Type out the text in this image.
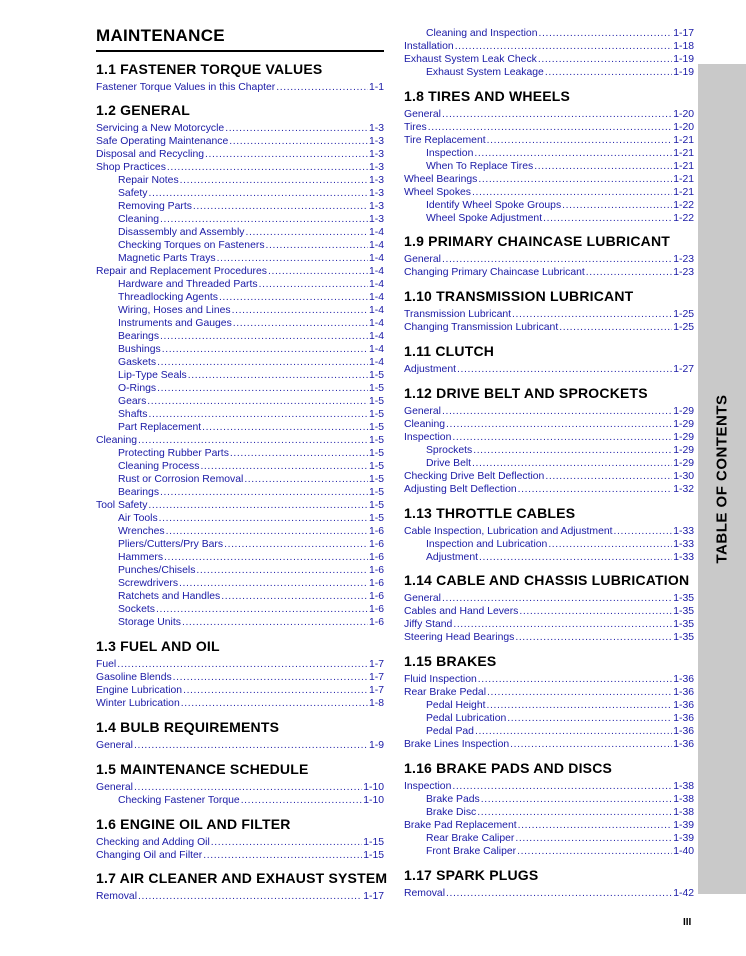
MAINTENANCE
1.1 FASTENER TORQUE VALUES
Fastener Torque Values in this Chapter .....	1-1
1.2 GENERAL
Servicing a New Motorcycle .....	1-3
Safe Operating Maintenance .....	1-3
Disposal and Recycling .....	1-3
Shop Practices .....	1-3
Repair Notes .....	1-3
Safety .....	1-3
Removing Parts .....	1-3
Cleaning .....	1-3
Disassembly and Assembly .....	1-4
Checking Torques on Fasteners .....	1-4
Magnetic Parts Trays .....	1-4
Repair and Replacement Procedures .....	1-4
Hardware and Threaded Parts .....	1-4
Threadlocking Agents .....	1-4
Wiring, Hoses and Lines .....	1-4
Instruments and Gauges .....	1-4
Bearings .....	1-4
Bushings .....	1-4
Gaskets .....	1-4
Lip-Type Seals .....	1-5
O-Rings .....	1-5
Gears .....	1-5
Shafts .....	1-5
Part Replacement .....	1-5
Cleaning .....	1-5
Protecting Rubber Parts .....	1-5
Cleaning Process .....	1-5
Rust or Corrosion Removal .....	1-5
Bearings .....	1-5
Tool Safety .....	1-5
Air Tools .....	1-5
Wrenches .....	1-6
Pliers/Cutters/Pry Bars .....	1-6
Hammers .....	1-6
Punches/Chisels .....	1-6
Screwdrivers .....	1-6
Ratchets and Handles .....	1-6
Sockets .....	1-6
Storage Units .....	1-6
1.3 FUEL AND OIL
Fuel .....	1-7
Gasoline Blends .....	1-7
Engine Lubrication .....	1-7
Winter Lubrication .....	1-8
1.4 BULB REQUIREMENTS
General .....	1-9
1.5 MAINTENANCE SCHEDULE
General .....	1-10
Checking Fastener Torque .....	1-10
1.6 ENGINE OIL AND FILTER
Checking and Adding Oil .....	1-15
Changing Oil and Filter .....	1-15
1.7 AIR CLEANER AND EXHAUST SYSTEM
Removal .....	1-17
Cleaning and Inspection .....	1-17
Installation .....	1-18
Exhaust System Leak Check .....	1-19
Exhaust System Leakage .....	1-19
1.8 TIRES AND WHEELS
General .....	1-20
Tires .....	1-20
Tire Replacement .....	1-21
Inspection .....	1-21
When To Replace Tires .....	1-21
Wheel Bearings .....	1-21
Wheel Spokes .....	1-21
Identify Wheel Spoke Groups .....	1-22
Wheel Spoke Adjustment .....	1-22
1.9 PRIMARY CHAINCASE LUBRICANT
General .....	1-23
Changing Primary Chaincase Lubricant .....	1-23
1.10 TRANSMISSION LUBRICANT
Transmission Lubricant .....	1-25
Changing Transmission Lubricant .....	1-25
1.11 CLUTCH
Adjustment .....	1-27
1.12 DRIVE BELT AND SPROCKETS
General .....	1-29
Cleaning .....	1-29
Inspection .....	1-29
Sprockets .....	1-29
Drive Belt .....	1-29
Checking Drive Belt Deflection .....	1-30
Adjusting Belt Deflection .....	1-32
1.13 THROTTLE CABLES
Cable Inspection, Lubrication and Adjustment .....	1-33
Inspection and Lubrication .....	1-33
Adjustment .....	1-33
1.14 CABLE AND CHASSIS LUBRICATION
General .....	1-35
Cables and Hand Levers .....	1-35
Jiffy Stand .....	1-35
Steering Head Bearings .....	1-35
1.15 BRAKES
Fluid Inspection .....	1-36
Rear Brake Pedal .....	1-36
Pedal Height .....	1-36
Pedal Lubrication .....	1-36
Pedal Pad .....	1-36
Brake Lines Inspection .....	1-36
1.16 BRAKE PADS AND DISCS
Inspection .....	1-38
Brake Pads .....	1-38
Brake Disc .....	1-38
Brake Pad Replacement .....	1-39
Rear Brake Caliper .....	1-39
Front Brake Caliper .....	1-40
1.17 SPARK PLUGS
Removal .....	1-42
TABLE OF CONTENTS
III
